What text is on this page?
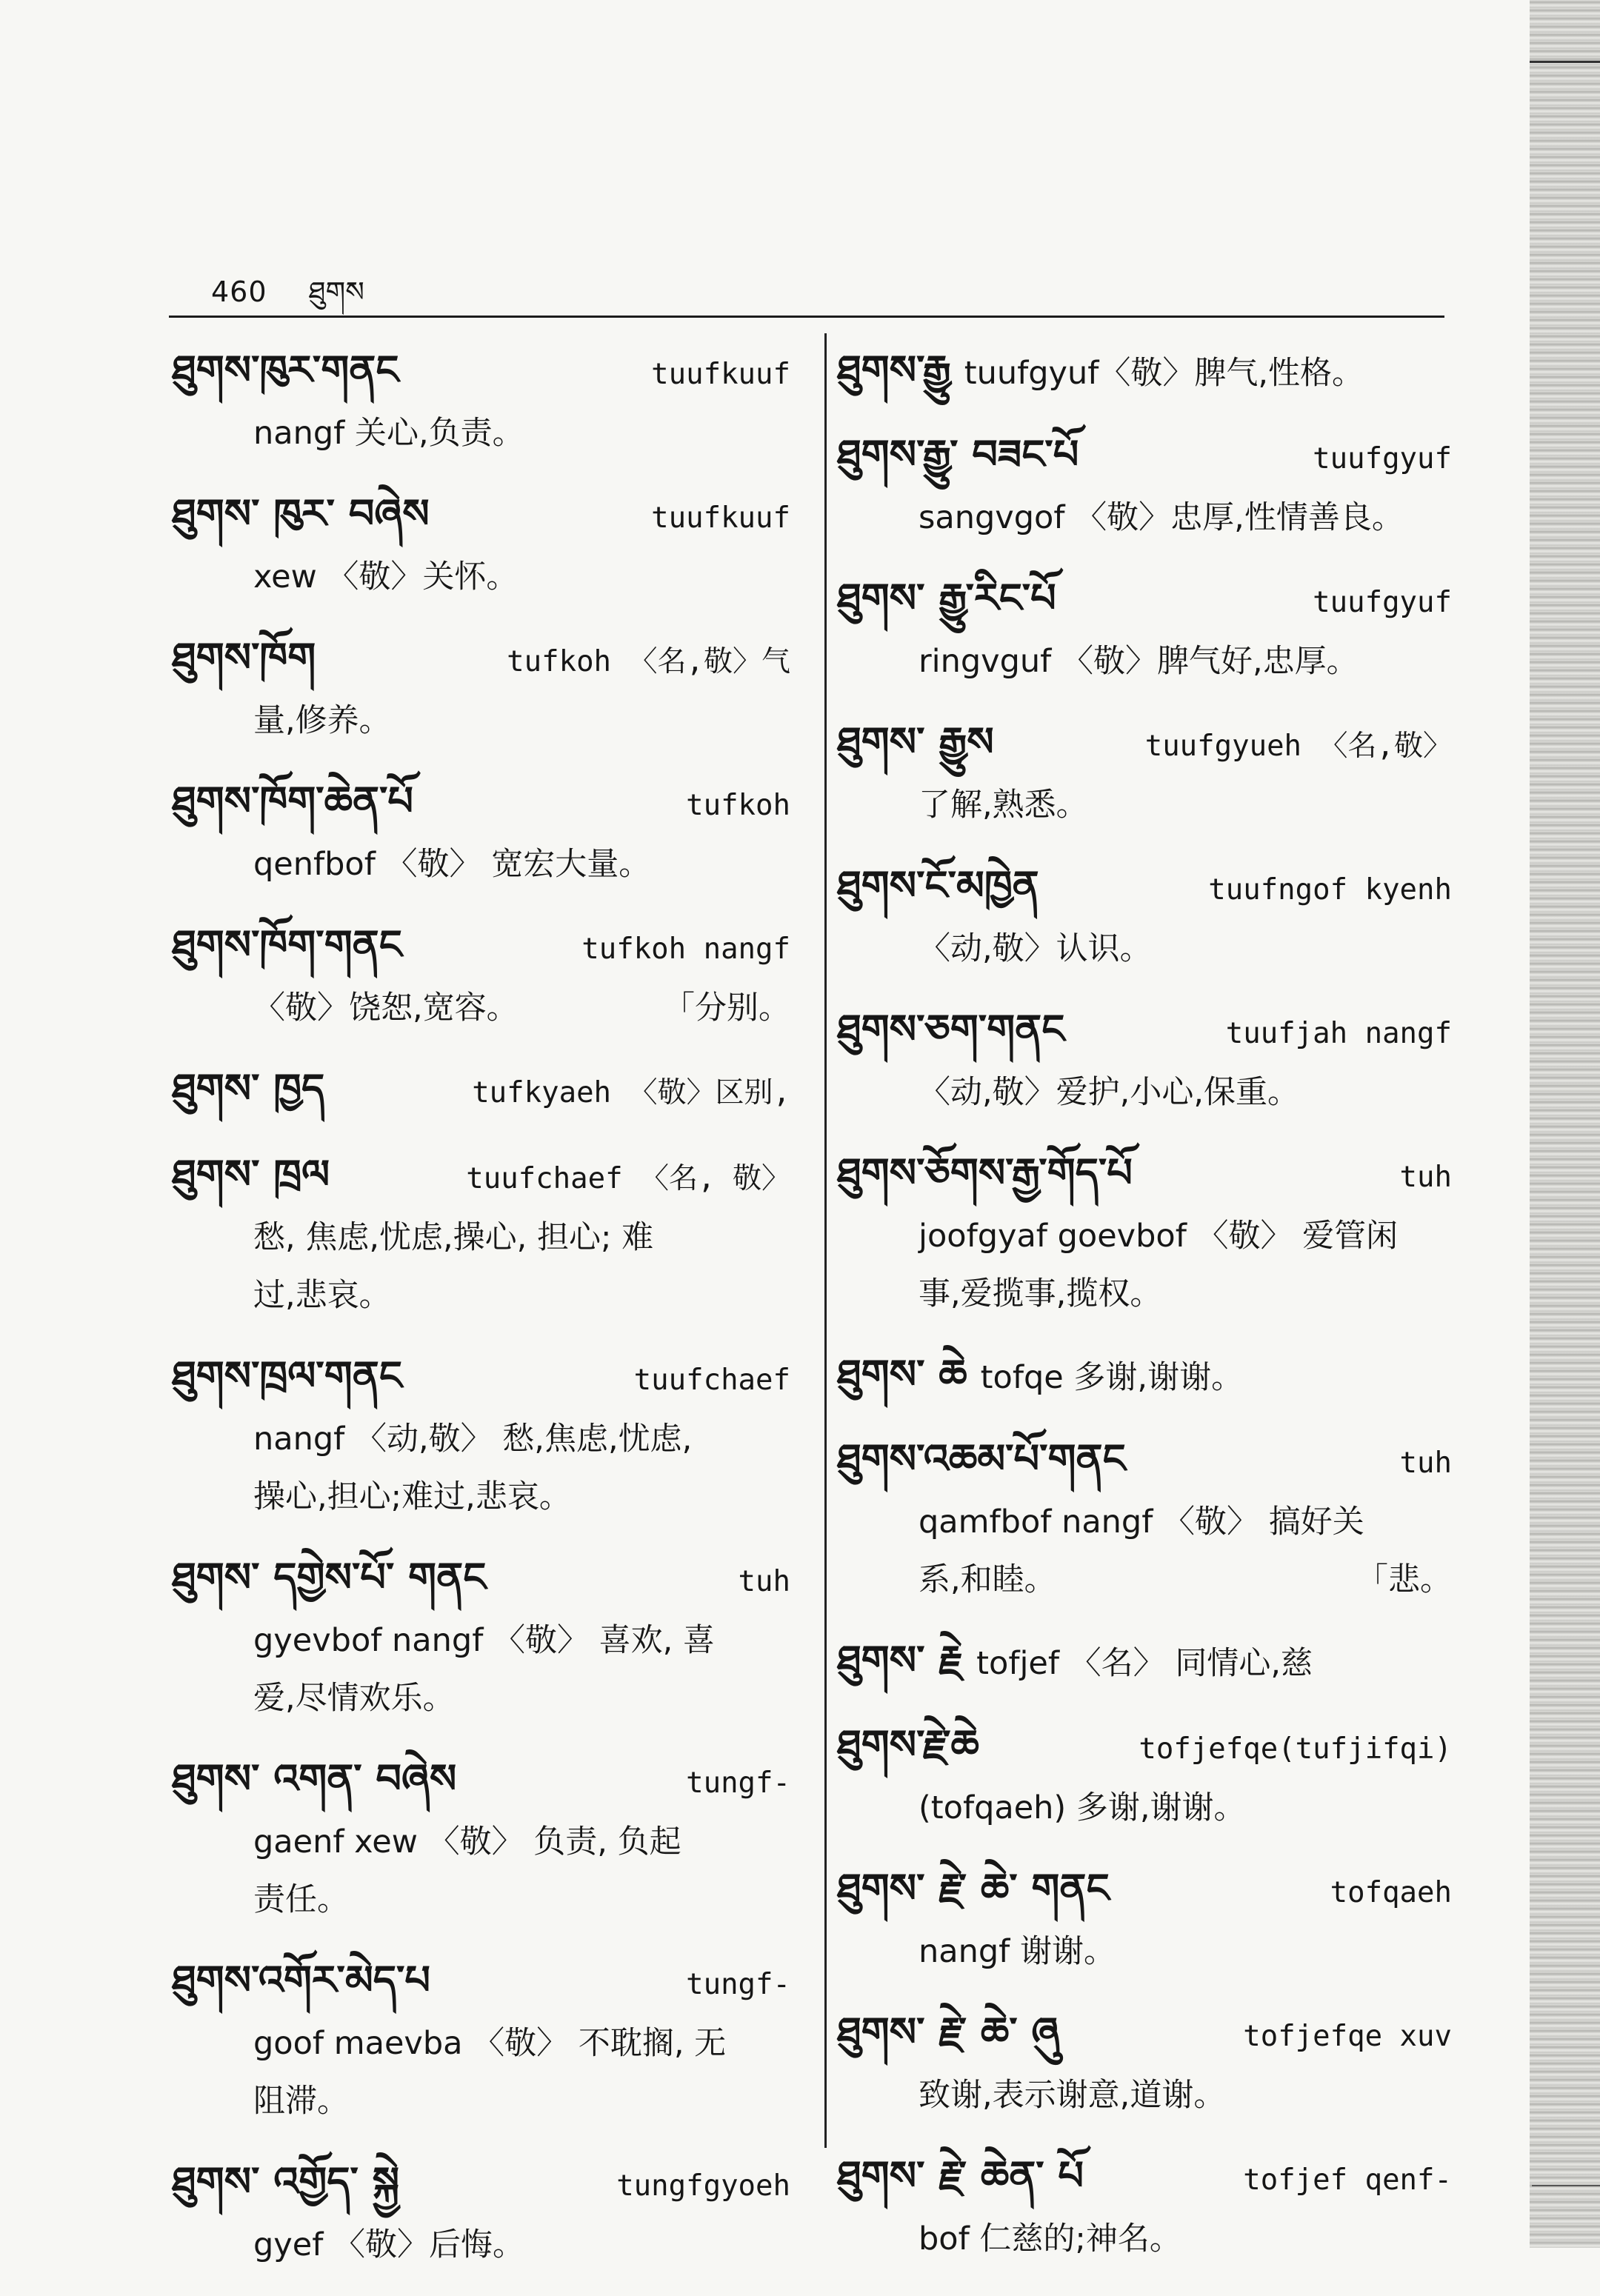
460 ཐུགས
ཐུགས་ཁུར་གནང	tuufkuuf
nangf 关心,负责。
ཐུགས་ ཁུར་ བཞེས	tuufkuuf
xew 〈敬〉关怀。
ཐུགས་ཁོག	tufkoh 〈名,敬〉气
量,修养。
ཐུགས་ཁོག་ཆེན་པོ	tufkoh
qenfbof 〈敬〉 宽宏大量。
ཐུགས་ཁོག་གནང	tufkoh nangf
〈敬〉饶恕,宽容。	「分别。
ཐུགས་ ཁྱད	tufkyaeh 〈敬〉区别,
ཐུགས་ ཁྲལ	tuufchaef 〈名, 敬〉
愁, 焦虑,忧虑,操心, 担心; 难
过,悲哀。
ཐུགས་ཁྲལ་གནང	tuufchaef
nangf 〈动,敬〉 愁,焦虑,忧虑,
操心,担心;难过,悲哀。
ཐུགས་ དགྱེས་པོ་ གནང	tuh
gyevbof nangf 〈敬〉 喜欢, 喜
爱,尽情欢乐。
ཐུགས་ འགན་ བཞེས	tungf-
gaenf xew 〈敬〉 负责, 负起
责任。
ཐུགས་འགོར་མེད་པ	tungf-
goof maevba 〈敬〉 不耽搁, 无
阻滞。
ཐུགས་ འགྱོད་ སྐྱེ	tungfgyoeh
gyef 〈敬〉后悔。
ཐུགས་རྒྱུ tuufgyuf〈敬〉脾气,性格。
ཐུགས་རྒྱུ་ བཟང་པོ	tuufgyuf
sangvgof 〈敬〉忠厚,性情善良。
ཐུགས་ རྒྱུ་རིང་པོ	tuufgyuf
ringvguf 〈敬〉脾气好,忠厚。
ཐུགས་ རྒྱུས	tuufgyueh 〈名,敬〉
了解,熟悉。
ཐུགས་ངོ་མཁྱེན	tuufngof kyenh
〈动,敬〉认识。
ཐུགས་ཅག་གནང	tuufjah nangf
〈动,敬〉爱护,小心,保重。
ཐུགས་ཅོགས་རྒྱ་གོད་པོ	tuh
joofgyaf goevbof 〈敬〉 爱管闲
事,爱揽事,揽权。
ཐུགས་ ཆེ tofqe 多谢,谢谢。
ཐུགས་འཆམ་པོ་གནང	tuh
qamfbof nangf 〈敬〉 搞好关
系,和睦。	「悲。
ཐུགས་ རྗེ tofjef 〈名〉 同情心,慈
ཐུགས་རྗེ་ཆེ	tofjefqe(tufjifqi)
(tofqaeh) 多谢,谢谢。
ཐུགས་ རྗེ་ ཆེ་ གནང	tofqaeh
nangf 谢谢。
ཐུགས་ རྗེ་ ཆེ་ ཞུ	tofjefqe xuv
致谢,表示谢意,道谢。
ཐུགས་ རྗེ་ ཆེན་ པོ	tofjef qenf-
bof 仁慈的;神名。
